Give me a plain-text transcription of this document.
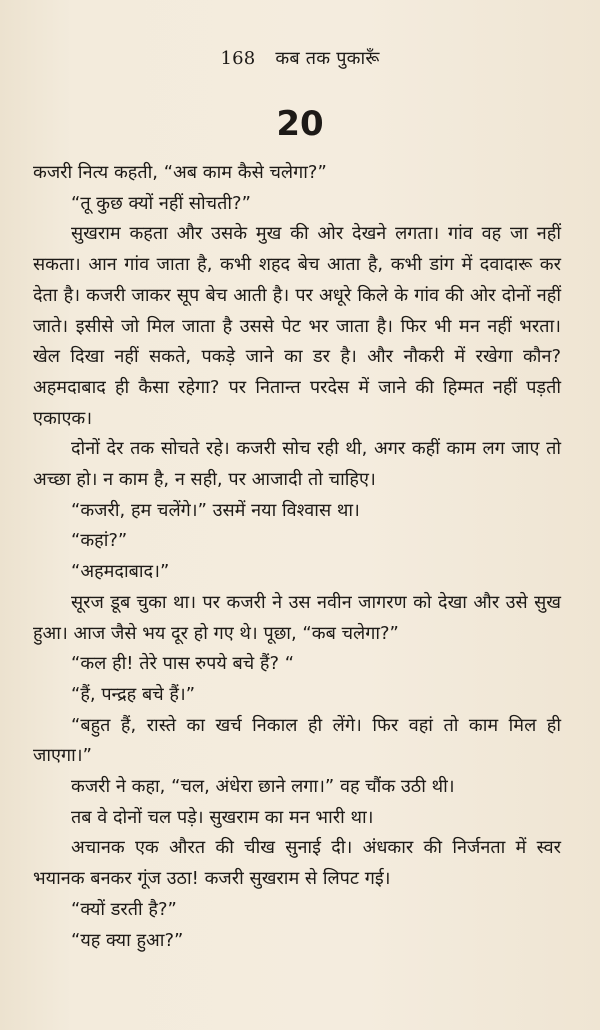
168 कब तक पुकारूँ
20

कजरी नित्य कहती, “अब काम कैसे चलेगा?”

“तू कुछ क्यों नहीं सोचती?”

सुखराम कहता और उसके मुख की ओर देखने लगता। गांव वह जा नहीं सकता। आन गांव जाता है, कभी शहद बेच आता है, कभी डांग में दवादारू कर देता है। कजरी जाकर सूप बेच आती है। पर अधूरे किले के गांव की ओर दोनों नहीं जाते। इसीसे जो मिल जाता है उससे पेट भर जाता है। फिर भी मन नहीं भरता। खेल दिखा नहीं सकते, पकड़े जाने का डर है। और नौकरी में रखेगा कौन? अहमदाबाद ही कैसा रहेगा? पर नितान्त परदेस में जाने की हिम्मत नहीं पड़ती एकाएक।

दोनों देर तक सोचते रहे। कजरी सोच रही थी, अगर कहीं काम लग जाए तो अच्छा हो। न काम है, न सही, पर आजादी तो चाहिए।

“कजरी, हम चलेंगे।” उसमें नया विश्वास था।

“कहां?”

“अहमदाबाद।”

सूरज डूब चुका था। पर कजरी ने उस नवीन जागरण को देखा और उसे सुख हुआ। आज जैसे भय दूर हो गए थे। पूछा, “कब चलेगा?”

“कल ही! तेरे पास रुपये बचे हैं? “

“हैं, पन्द्रह बचे हैं।”

“बहुत हैं, रास्ते का खर्च निकाल ही लेंगे। फिर वहां तो काम मिल ही जाएगा।”

कजरी ने कहा, “चल, अंधेरा छाने लगा।” वह चौंक उठी थी।

तब वे दोनों चल पड़े। सुखराम का मन भारी था।

अचानक एक औरत की चीख सुनाई दी। अंधकार की निर्जनता में स्वर भयानक बनकर गूंज उठा! कजरी सुखराम से लिपट गई।

“क्यों डरती है?”

“यह क्या हुआ?”
